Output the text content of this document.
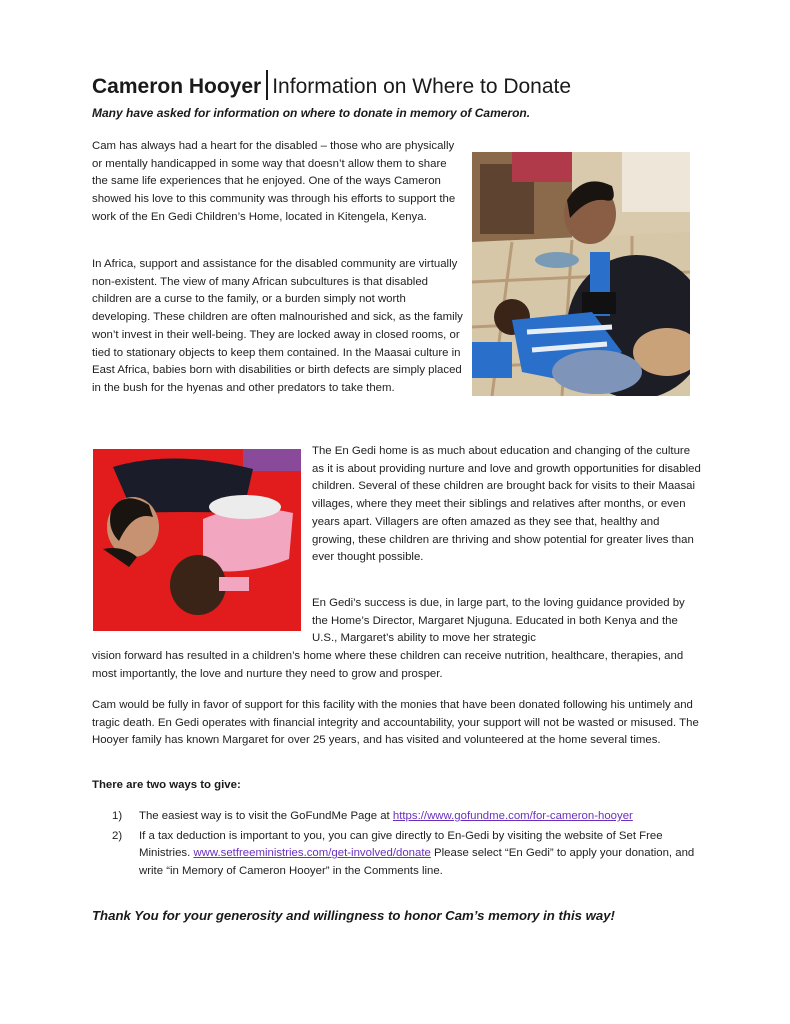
Cameron Hooyer Information on Where to Donate

Many have asked for information on where to donate in memory of Cameron.

Cam has always had a heart for the disabled – those who are physically or mentally handicapped in some way that doesn’t allow them to share the same life experiences that he enjoyed. One of the ways Cameron showed his love to this community was through his efforts to support the work of the En Gedi Children’s Home, located in Kitengela, Kenya.

In Africa, support and assistance for the disabled community are virtually non-existent. The view of many African subcultures is that disabled children are a curse to the family, or a burden simply not worth developing. These children are often malnourished and sick, as the family won’t invest in their well-being. They are locked away in closed rooms, or tied to stationary objects to keep them contained. In the Maasai culture in East Africa, babies born with disabilities or birth defects are simply placed in the bush for the hyenas and other predators to take them.

The En Gedi home is as much about education and changing of the culture as it is about providing nurture and love and growth opportunities for disabled children. Several of these children are brought back for visits to their Maasai villages, where they meet their siblings and relatives after months, or even years apart. Villagers are often amazed as they see that, healthy and growing, these children are thriving and show potential for greater lives than ever thought possible.

En Gedi’s success is due, in large part, to the loving guidance provided by the Home’s Director, Margaret Njuguna. Educated in both Kenya and the U.S., Margaret’s ability to move her strategic

vision forward has resulted in a children’s home where these children can receive nutrition, healthcare, therapies, and most importantly, the love and nurture they need to grow and prosper.

Cam would be fully in favor of support for this facility with the monies that have been donated following his untimely and tragic death. En Gedi operates with financial integrity and accountability, your support will not be wasted or misused. The Hooyer family has known Margaret for over 25 years, and has visited and volunteered at the home several times.

There are two ways to give:

1) The easiest way is to visit the GoFundMe Page at https://www.gofundme.com/for-cameron-hooyer
2) If a tax deduction is important to you, you can give directly to En-Gedi by visiting the website of Set Free Ministries. www.setfreeministries.com/get-involved/donate Please select “En Gedi” to apply your donation, and write “in Memory of Cameron Hooyer” in the Comments line.

Thank You for your generosity and willingness to honor Cam’s memory in this way!
